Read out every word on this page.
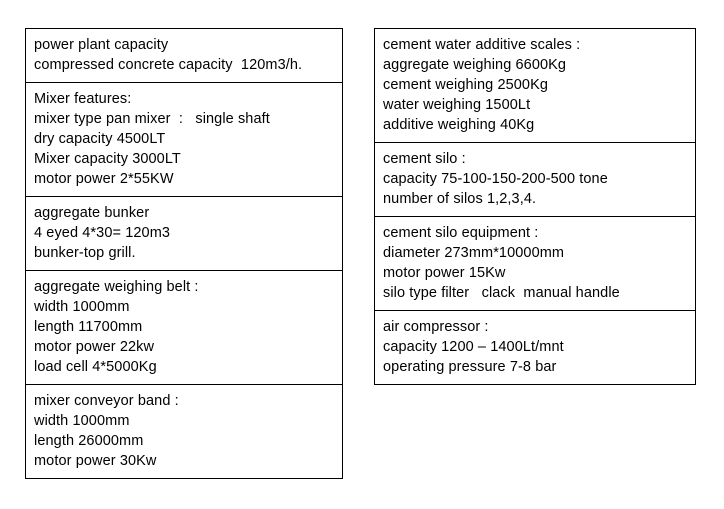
power plant capacity
compressed concrete capacity  120m3/h.
Mixer features:
mixer type pan mixer  :   single shaft
dry capacity 4500LT
Mixer capacity 3000LT
motor power 2*55KW
aggregate bunker
4 eyed 4*30= 120m3
bunker-top grill.
aggregate weighing belt :
width 1000mm
length 11700mm
motor power 22kw
load cell 4*5000Kg
mixer conveyor band :
width 1000mm
length 26000mm
motor power 30Kw
cement water additive scales :
aggregate weighing 6600Kg
cement weighing 2500Kg
water weighing 1500Lt
additive weighing 40Kg
cement silo :
capacity 75-100-150-200-500 tone
number of silos 1,2,3,4.
cement silo equipment :
diameter 273mm*10000mm
motor power 15Kw
silo type filter   clack  manual handle
air compressor :
capacity 1200 – 1400Lt/mnt
operating pressure 7-8 bar
